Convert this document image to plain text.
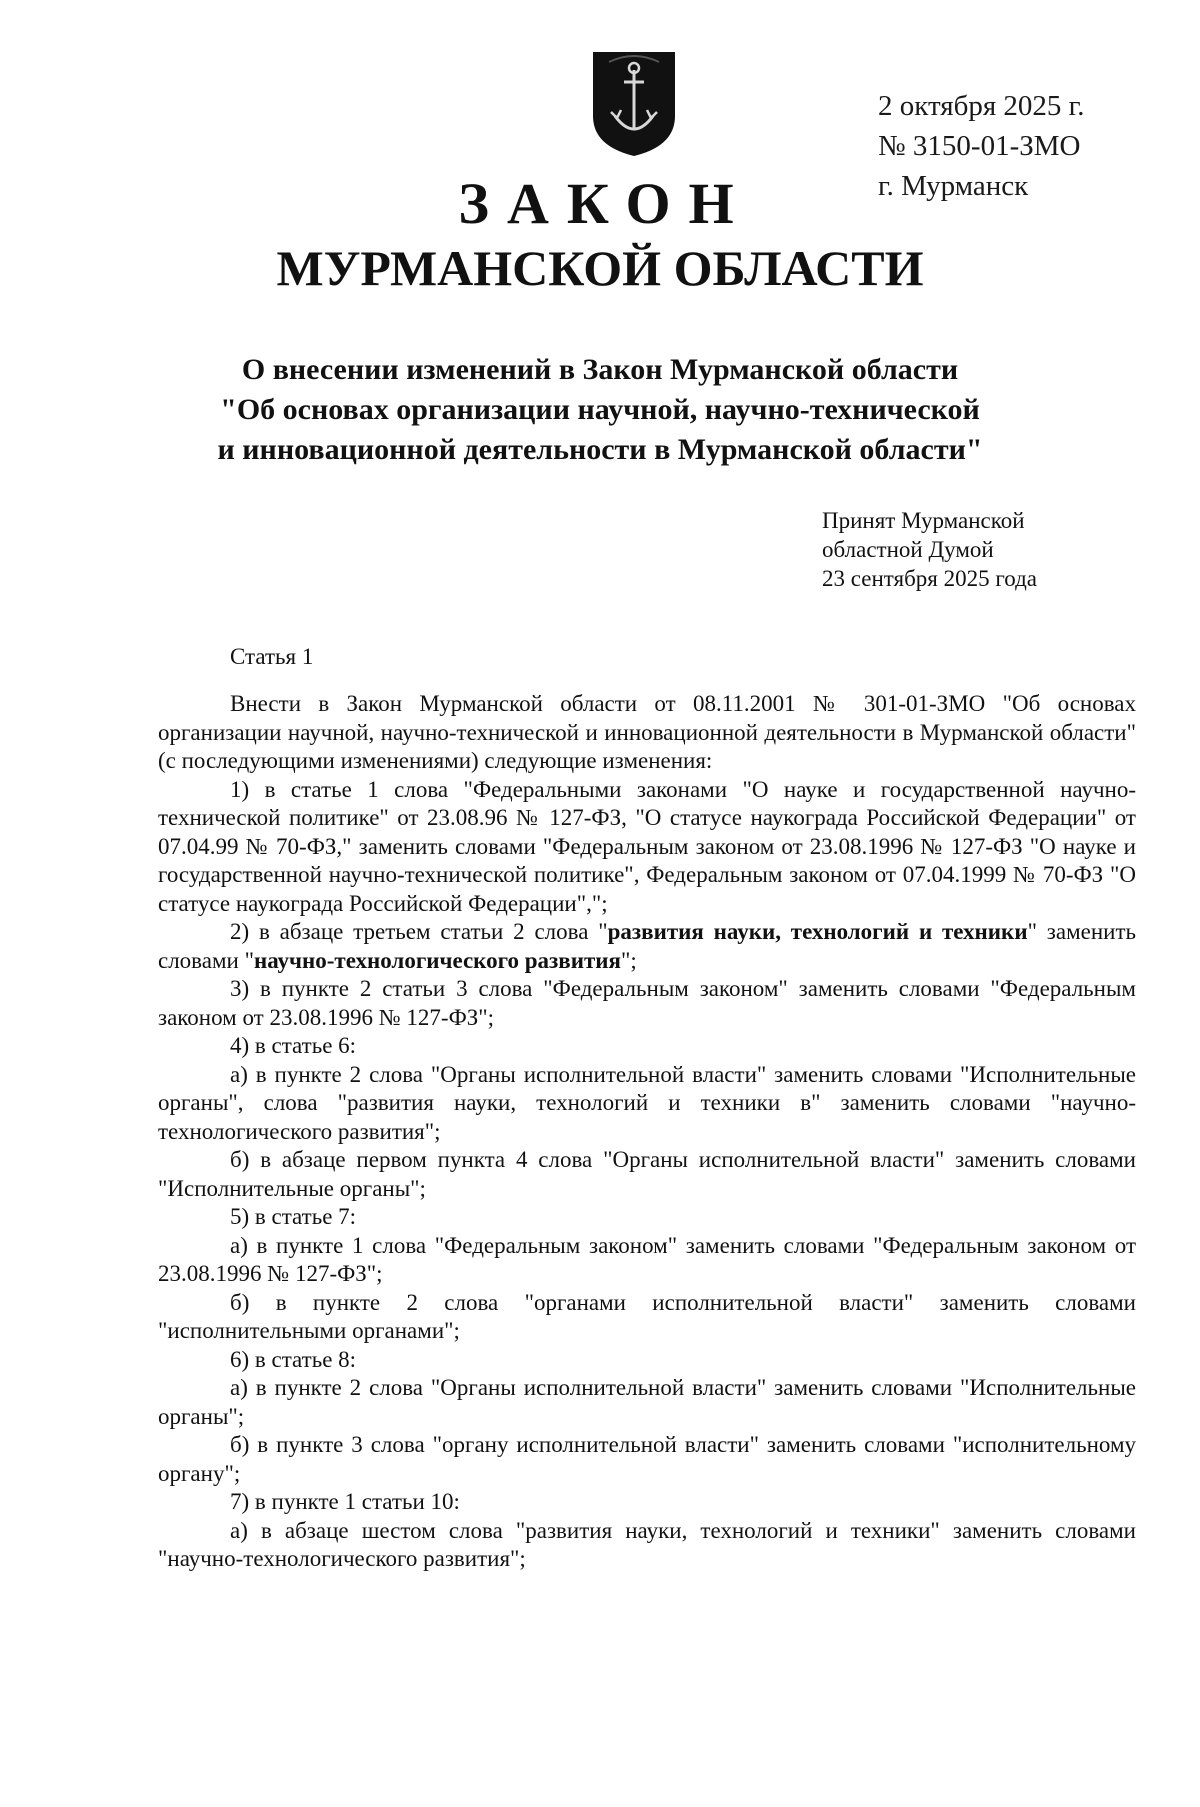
2 октября 2025 г.
№ 3150-01-ЗМО
г. Мурманск
ЗАКОН
МУРМАНСКОЙ ОБЛАСТИ
О внесении изменений в Закон Мурманской области
"Об основах организации научной, научно-технической
и инновационной деятельности в Мурманской области"
Принят Мурманской
областной Думой
23 сентября 2025 года
Статья 1

Внести в Закон Мурманской области от 08.11.2001 № 301-01-ЗМО "Об основах организации научной, научно-технической и инновационной деятельности в Мурманской области" (с последующими изменениями) следующие изменения:

1) в статье 1 слова "Федеральными законами "О науке и государственной научно-технической политике" от 23.08.96 № 127-ФЗ, "О статусе наукограда Российской Федерации" от 07.04.99 № 70-ФЗ," заменить словами "Федеральным законом от 23.08.1996 № 127-ФЗ "О науке и государственной научно-технической политике", Федеральным законом от 07.04.1999 № 70-ФЗ "О статусе наукограда Российской Федерации",";

2) в абзаце третьем статьи 2 слова "развития науки, технологий и техники" заменить словами "научно-технологического развития";

3) в пункте 2 статьи 3 слова "Федеральным законом" заменить словами "Федеральным законом от 23.08.1996 № 127-ФЗ";

4) в статье 6:

а) в пункте 2 слова "Органы исполнительной власти" заменить словами "Исполнительные органы", слова "развития науки, технологий и техники в" заменить словами "научно-технологического развития";

б) в абзаце первом пункта 4 слова "Органы исполнительной власти" заменить словами "Исполнительные органы";

5) в статье 7:

а) в пункте 1 слова "Федеральным законом" заменить словами "Федеральным законом от 23.08.1996 № 127-ФЗ";

б) в пункте 2 слова "органами исполнительной власти" заменить словами "исполнительными органами";

6) в статье 8:

а) в пункте 2 слова "Органы исполнительной власти" заменить словами "Исполнительные органы";

б) в пункте 3 слова "органу исполнительной власти" заменить словами "исполнительному органу";

7) в пункте 1 статьи 10:

а) в абзаце шестом слова "развития науки, технологий и техники" заменить словами "научно-технологического развития";
